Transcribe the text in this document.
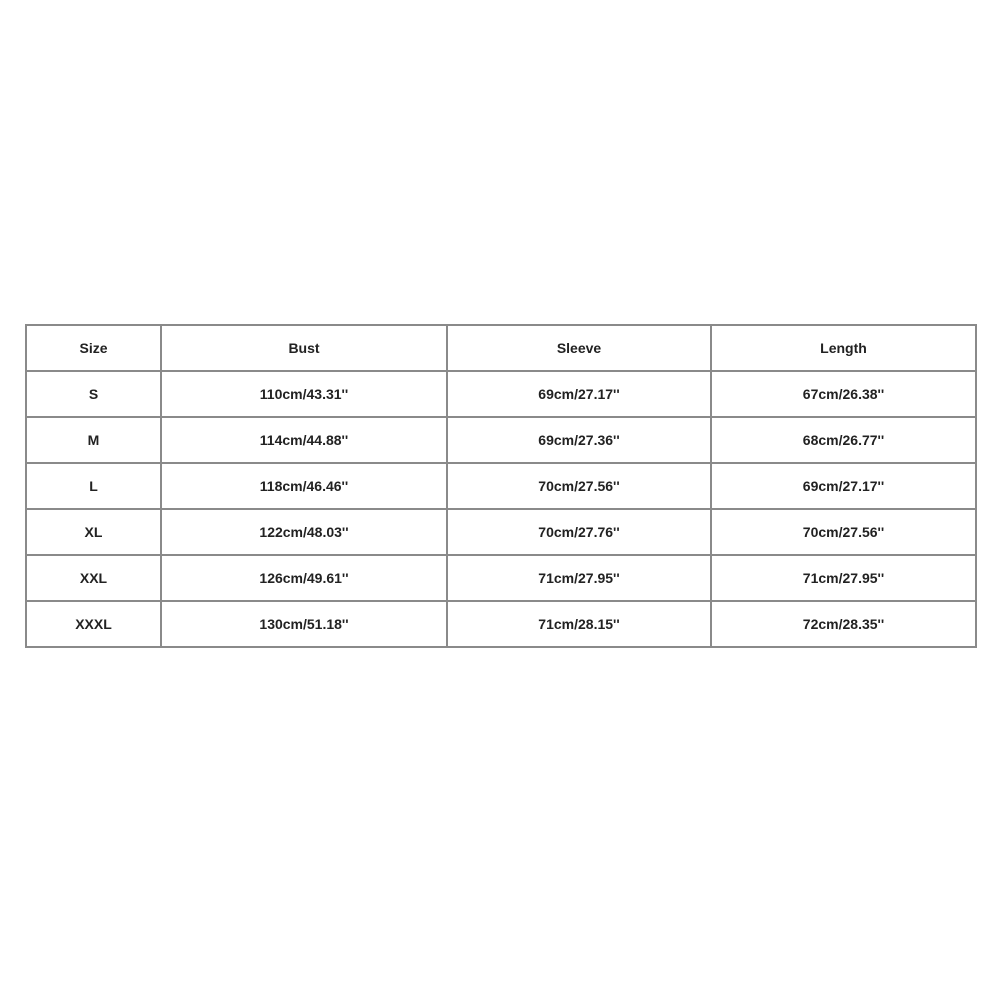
Size	Bust	Sleeve	Length
S	110cm/43.31''	69cm/27.17''	67cm/26.38''
M	114cm/44.88''	69cm/27.36''	68cm/26.77''
L	118cm/46.46''	70cm/27.56''	69cm/27.17''
XL	122cm/48.03''	70cm/27.76''	70cm/27.56''
XXL	126cm/49.61''	71cm/27.95''	71cm/27.95''
XXXL	130cm/51.18''	71cm/28.15''	72cm/28.35''
